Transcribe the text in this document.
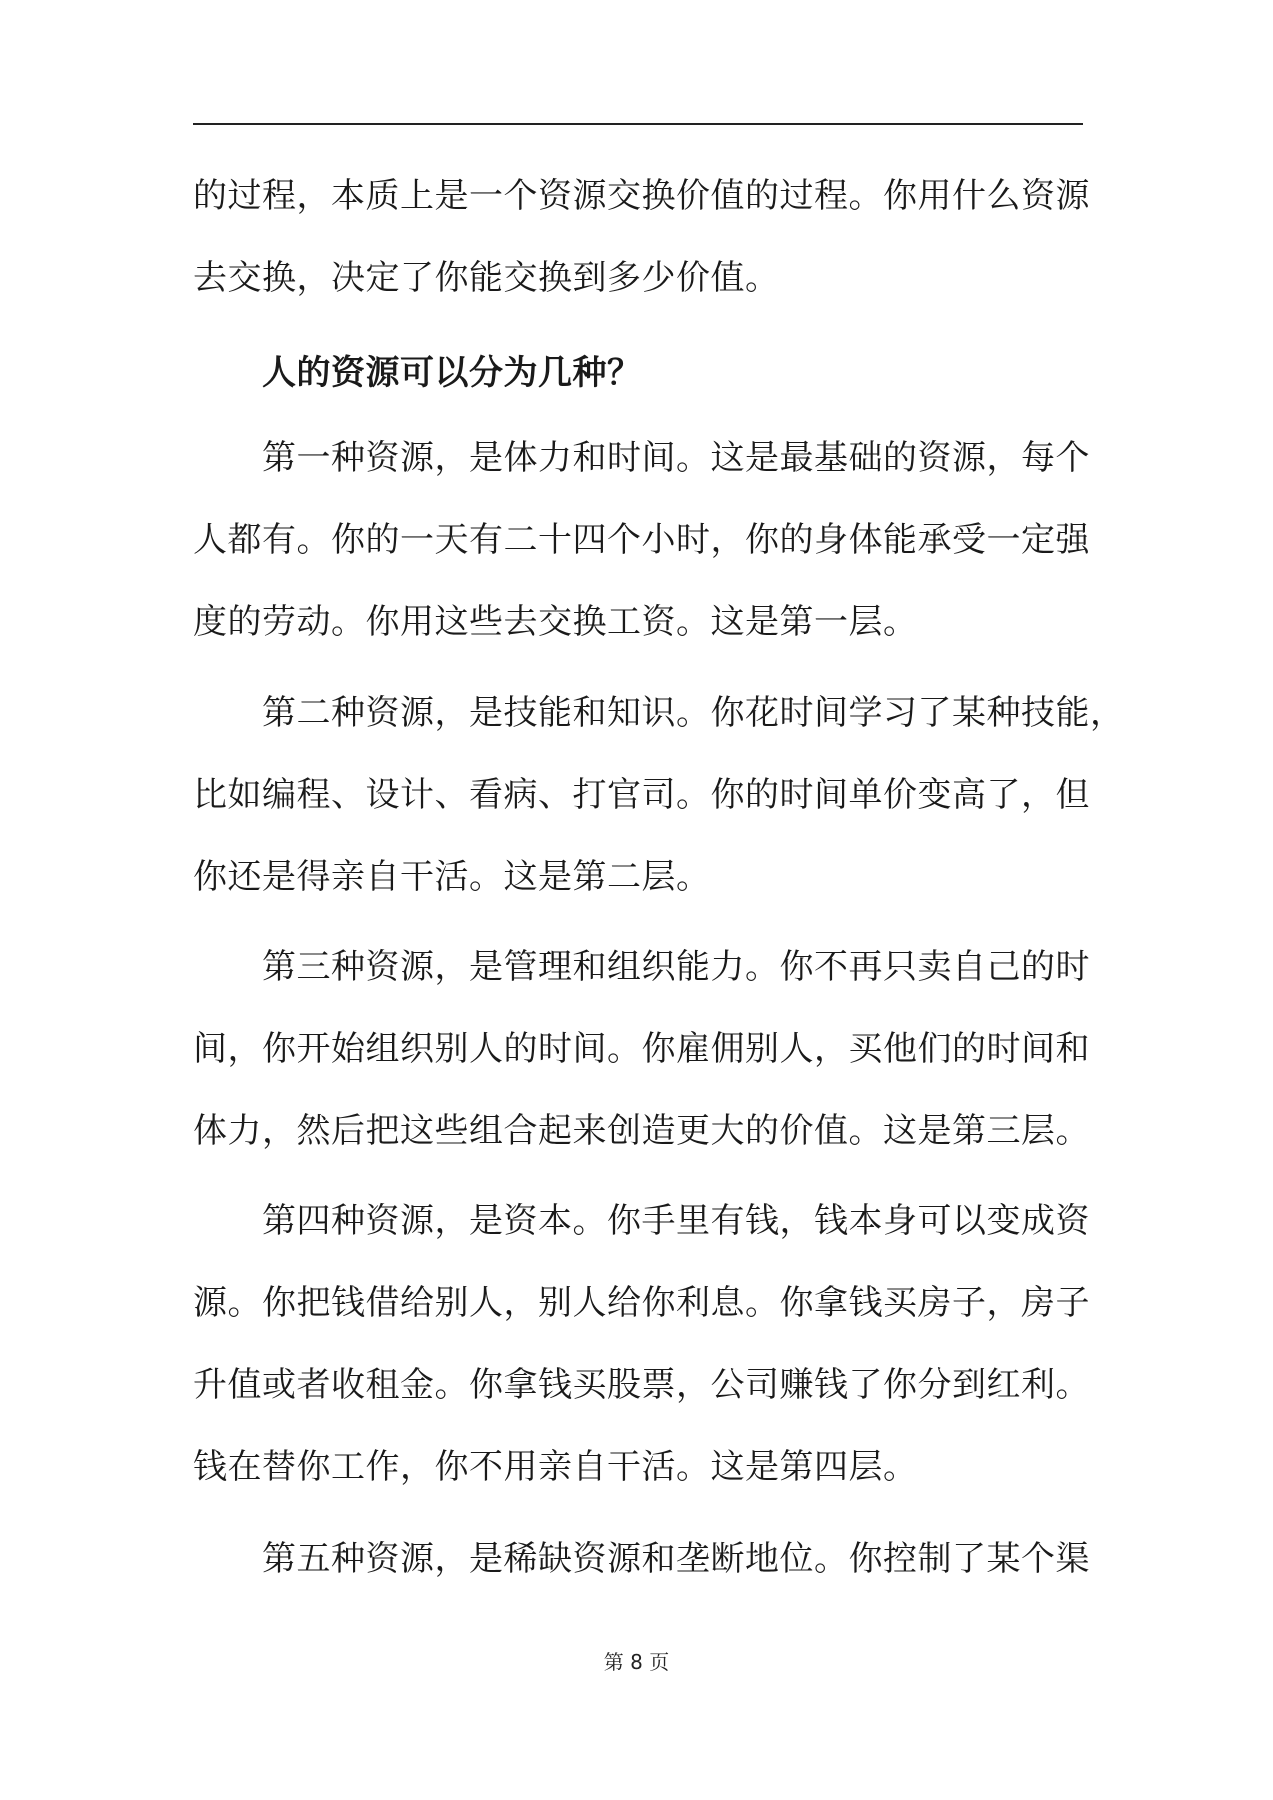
的过程，本质上是一个资源交换价值的过程。你用什么资源
去交换，决定了你能交换到多少价值。
人的资源可以分为几种？
第一种资源，是体力和时间。这是最基础的资源，每个
人都有。你的一天有二十四个小时，你的身体能承受一定强
度的劳动。你用这些去交换工资。这是第一层。
第二种资源，是技能和知识。你花时间学习了某种技能，
比如编程、设计、看病、打官司。你的时间单价变高了，但
你还是得亲自干活。这是第二层。
第三种资源，是管理和组织能力。你不再只卖自己的时
间，你开始组织别人的时间。你雇佣别人，买他们的时间和
体力，然后把这些组合起来创造更大的价值。这是第三层。
第四种资源，是资本。你手里有钱，钱本身可以变成资
源。你把钱借给别人，别人给你利息。你拿钱买房子，房子
升值或者收租金。你拿钱买股票，公司赚钱了你分到红利。
钱在替你工作，你不用亲自干活。这是第四层。
第五种资源，是稀缺资源和垄断地位。你控制了某个渠
第 8 页
